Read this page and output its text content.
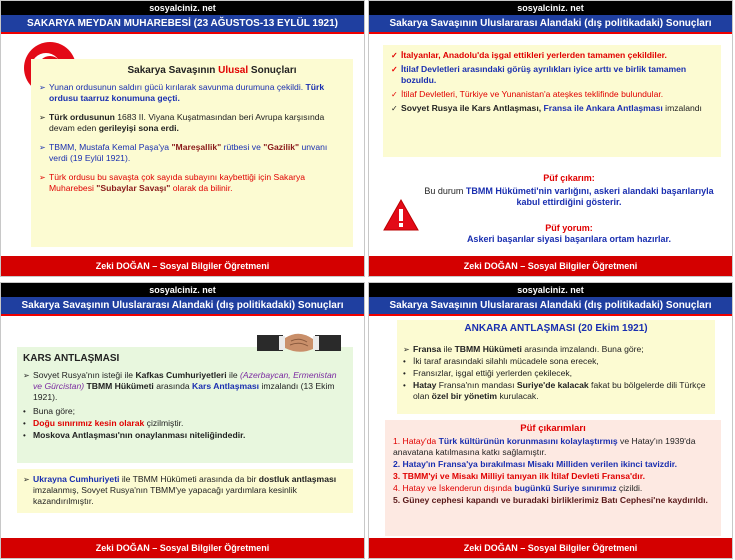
sosyalciniz. net
SAKARYA MEYDAN MUHAREBESİ (23 AĞUSTOS-13 EYLÜL 1921)
Sakarya Savaşının Ulusal Sonuçları
➢ Yunan ordusunun saldırı gücü kırılarak savunma durumuna çekildi. Türk ordusu taarruz konumuna geçti.
➢ Türk ordusunun 1683 II. Viyana Kuşatmasından beri Avrupa karşısında devam eden gerileyişi sona erdi.
➢ TBMM, Mustafa Kemal Paşa'ya "Mareşallik" rütbesi ve "Gazilik" unvanı verdi (19 Eylül 1921).
➢ Türk ordusu bu savaşta çok sayıda subayını kaybettiği için Sakarya Muharebesi "Subaylar Savaşı" olarak da bilinir.
Zeki DOĞAN – Sosyal Bilgiler Öğretmeni
sosyalciniz. net
Sakarya Savaşının Uluslararası Alandaki (dış politikadaki) Sonuçları
✓ İtalyanlar, Anadolu'da işgal ettikleri yerlerden tamamen çekildiler.
✓ İtilaf Devletleri arasındaki görüş ayrılıkları iyice arttı ve birlik tamamen bozuldu.
✓ İtilaf Devletleri, Türkiye ve Yunanistan'a ateşkes teklifinde bulundular.
✓ Sovyet Rusya ile Kars Antlaşması, Fransa ile Ankara Antlaşması imzalandı
Püf çıkarım:
Bu durum TBMM Hükümeti'nin varlığını, askeri alandaki başarılarıyla kabul ettirdiğini gösterir.
Püf yorum:
Askeri başarılar siyasi başarılara ortam hazırlar.
Zeki DOĞAN – Sosyal Bilgiler Öğretmeni
sosyalciniz. net
Sakarya Savaşının Uluslararası Alandaki (dış politikadaki) Sonuçları
KARS ANTLAŞMASI
➢ Sovyet Rusya'nın isteği ile Kafkas Cumhuriyetleri ile (Azerbaycan, Ermenistan ve Gürcistan) TBMM Hükümeti arasında Kars Antlaşması imzalandı (13 Ekim 1921).
• Buna göre;
• Doğu sınırımız kesin olarak çizilmiştir.
• Moskova Antlaşması'nın onaylanması niteliğindedir.
➢ Ukrayna Cumhuriyeti ile TBMM Hükümeti arasında da bir dostluk antlaşması imzalanmış, Sovyet Rusya'nın TBMM'ye yapacağı yardımlara kesinlik kazandırılmıştır.
Zeki DOĞAN – Sosyal Bilgiler Öğretmeni
sosyalciniz. net
Sakarya Savaşının Uluslararası Alandaki (dış politikadaki) Sonuçları
ANKARA ANTLAŞMASI (20 Ekim 1921)
➢ Fransa ile TBMM Hükümeti arasında imzalandı. Buna göre;
• İki taraf arasındaki silahlı mücadele sona erecek,
• Fransızlar, işgal ettiği yerlerden çekilecek,
• Hatay Fransa'nın mandası Suriye'de kalacak fakat bu bölgelerde dili Türkçe olan özel bir yönetim kurulacak.
Püf çıkarımları
1. Hatay'da Türk kültürünün korunmasını kolaylaştırmış ve Hatay'ın 1939'da anavatana katılmasına katkı sağlamıştır.
2. Hatay'ın Fransa'ya bırakılması Misakı Milliden verilen ikinci tavizdir.
3. TBMM'yi ve Misakı Milliyi tanıyan ilk İtilaf Devleti Fransa'dır.
4. Hatay ve İskenderun dışında bugünkü Suriye sınırımız çizildi.
5. Güney cephesi kapandı ve buradaki birliklerimiz Batı Cephesi'ne kaydırıldı.
Zeki DOĞAN – Sosyal Bilgiler Öğretmeni
